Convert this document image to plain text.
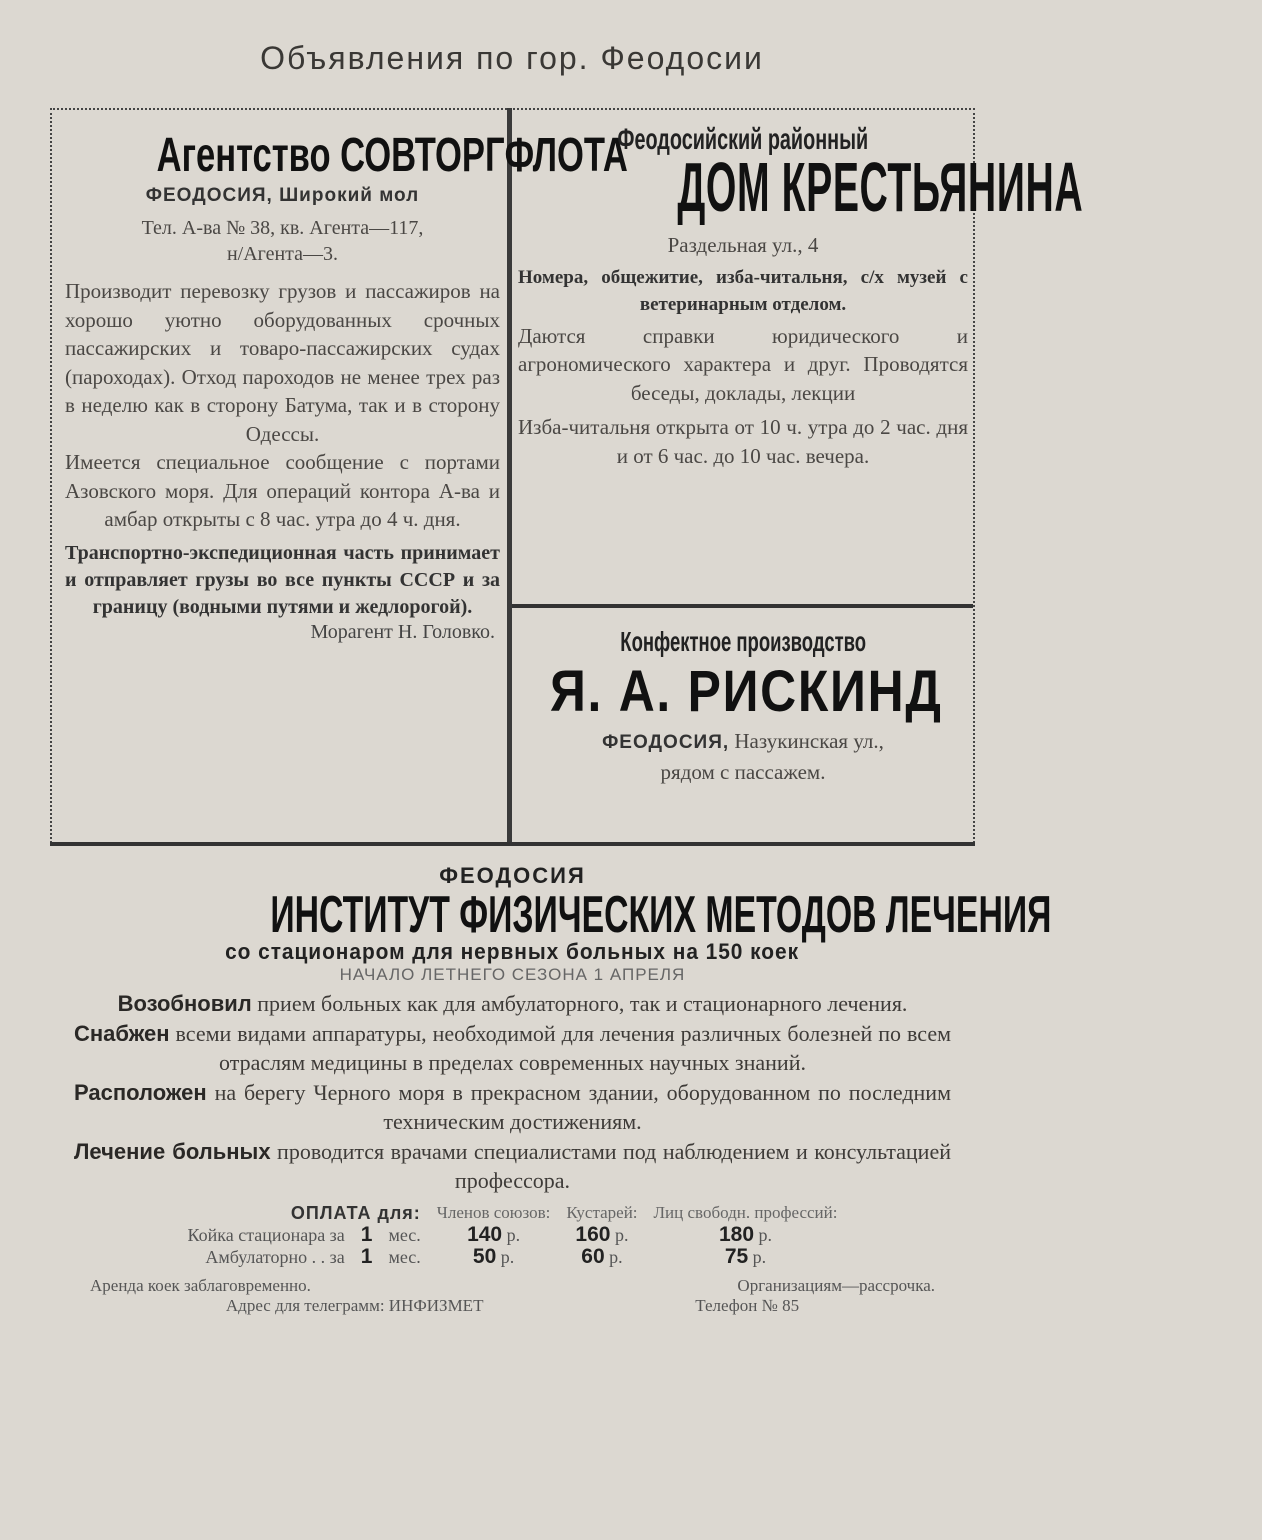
Объявления по гор. Феодосии
Агентство СОВТОРГФЛОТА
ФЕОДОСИЯ, Широкий мол
Тел. А-ва № 38, кв. Агента—117,
н/Агента—3.
Производит перевозку грузов и пассажиров на хорошо уютно оборудованных срочных пассажирских и товаро-пассажирских судах (пароходах). Отход пароходов не менее трех раз в неделю как в сторону Батума, так и в сторону Одессы.
Имеется специальное сообщение с портами Азовского моря. Для операций контора А-ва и амбар открыты с 8 час. утра до 4 ч. дня.
Транспортно-экспедиционная часть принимает и отправляет грузы во все пункты СССР и за границу (водными путями и жедлорогой).
Морагент Н. Головко.
Феодосийский районный
ДОМ КРЕСТЬЯНИНА
Раздельная ул., 4
Номера, общежитие, изба-читальня, с/х музей с ветеринарным отделом.
Даются справки юридического и агрономического характера и друг. Проводятся беседы, доклады, лекции
Изба-читальня открыта от 10 ч. утра до 2 час. дня и от 6 час. до 10 час. вечера.
Конфектное производство
Я. А. РИСКИНД
ФЕОДОСИЯ, Назукинская ул.,
рядом с пассажем.
ФЕОДОСИЯ
ИНСТИТУТ ФИЗИЧЕСКИХ МЕТОДОВ ЛЕЧЕНИЯ
со стационаром для нервных больных на 150 коек
НАЧАЛО ЛЕТНЕГО СЕЗОНА 1 АПРЕЛЯ
Возобновил прием больных как для амбулаторного, так и стационарного лечения.
Снабжен всеми видами аппаратуры, необходимой для лечения различных болезней по всем отраслям медицины в пределах современных научных знаний.
Расположен на берегу Черного моря в прекрасном здании, оборудованном по последним техническим достижениям.
Лечение больных проводится врачами специалистами под наблюдением и консультацией профессора.
ОПЛАТА для:			Членов союзов:	Кустарей:	Лиц свободн. профессий:
Койка стационара за	1	мес.	140 р.	160 р.	180 р.
Амбулаторно . . за	1	мес.	50 р.	60 р.	75 р.
Аренда коек заблаговременно.	Организациям—рассрочка.
Адрес для телеграмм: ИНФИЗМЕТ	Телефон № 85
